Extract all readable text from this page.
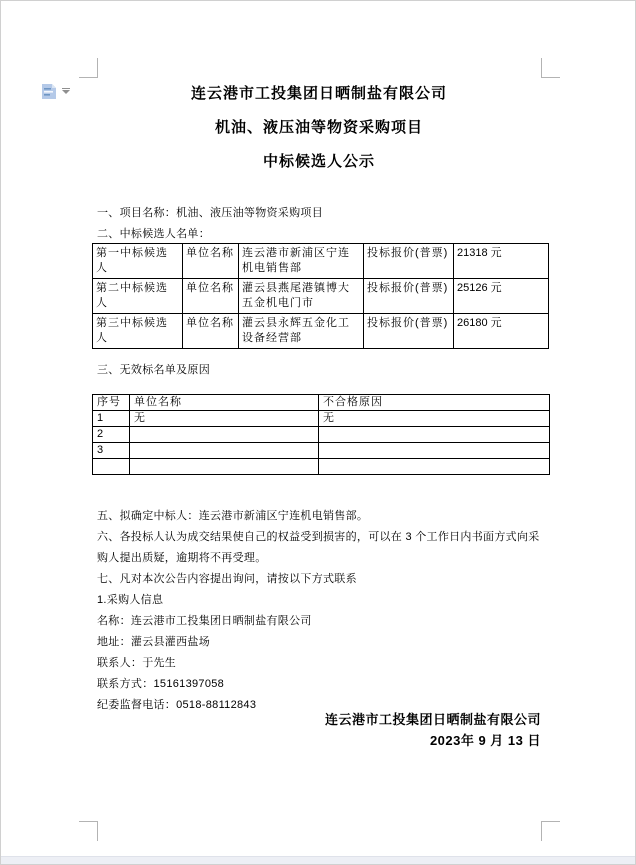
连云港市工投集团日晒制盐有限公司
机油、液压油等物资采购项目
中标候选人公示

一、项目名称：机油、液压油等物资采购项目

二、中标候选人名单：

第一中标候选人	单位名称	连云港市新浦区宁连机电销售部	投标报价(普票)	21318 元
第二中标候选人	单位名称	灌云县燕尾港镇博大五金机电门市	投标报价(普票)	25126 元
第三中标候选人	单位名称	灌云县永辉五金化工设备经营部	投标报价(普票)	26180 元
三、无效标名单及原因
序号	单位名称	不合格原因
1	无	无
2		
3		

五、拟确定中标人：连云港市新浦区宁连机电销售部。

六、各投标人认为成交结果使自己的权益受到损害的，可以在 3 个工作日内书面方式向采购人提出质疑，逾期将不再受理。

七、凡对本次公告内容提出询问，请按以下方式联系

1.采购人信息

名称：连云港市工投集团日晒制盐有限公司

地址：灌云县灌西盐场

联系人：于先生

联系方式：15161397058

纪委监督电话：0518-88112843

连云港市工投集团日晒制盐有限公司
2023年 9 月 13 日
